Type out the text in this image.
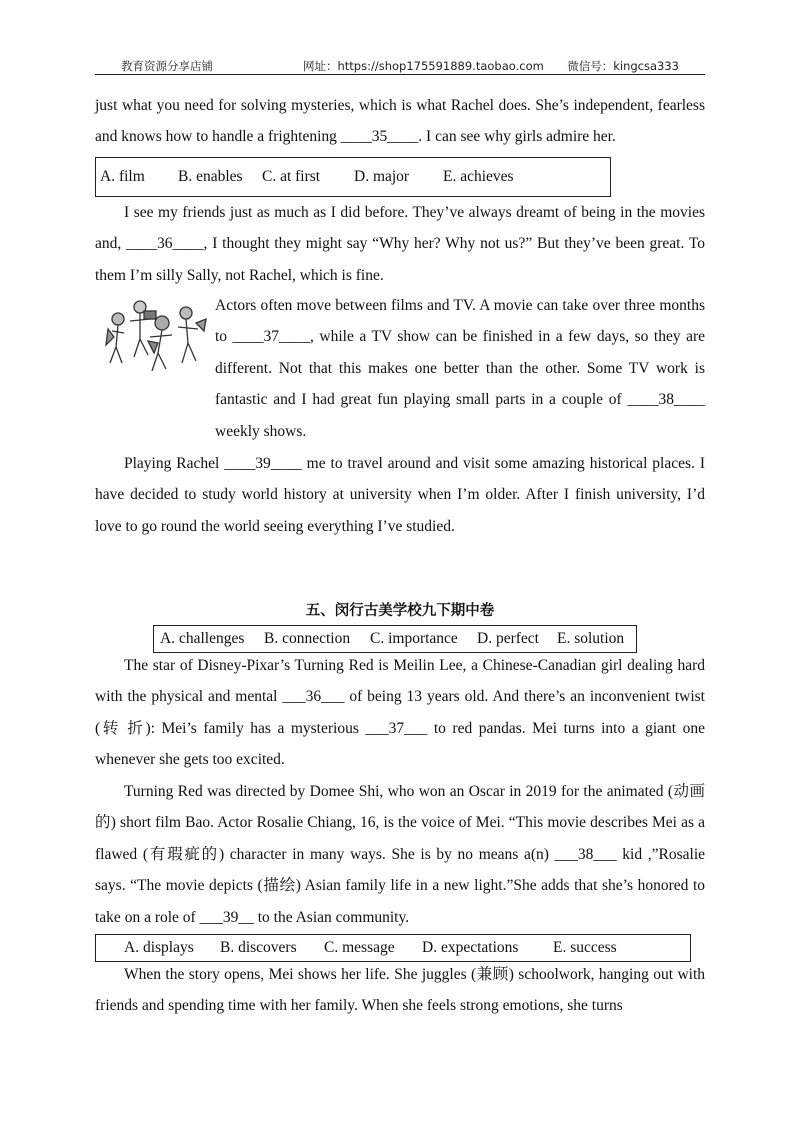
教育资源分享店铺	网址：https://shop175591889.taobao.com 微信号：kingcsa333

just what you need for solving mysteries, which is what Rachel does. She’s independent, fearless and knows how to handle a frightening ____35____. I can see why girls admire her.

A. film B. enables C. at first D. major E. achieves

I see my friends just as much as I did before. They’ve always dreamt of being in the movies and, ____36____, I thought they might say “Why her? Why not us?” But they’ve been great. To them I’m silly Sally, not Rachel, which is fine.

Actors often move between films and TV. A movie can take over three months to ____37____, while a TV show can be finished in a few days, so they are different. Not that this makes one better than the other. Some TV work is fantastic and I had great fun playing small parts in a couple of ____38____ weekly shows.

Playing Rachel ____39____ me to travel around and visit some amazing historical places. I have decided to study world history at university when I’m older. After I finish university, I’d love to go round the world seeing everything I’ve studied.

五、闵行古美学校九下期中卷
A. challenges B. connection C. importance D. perfect E. solution

The star of Disney-Pixar’s Turning Red is Meilin Lee, a Chinese-Canadian girl dealing hard with the physical and mental ___36___ of being 13 years old. And there’s an inconvenient twist (转 折): Mei’s family has a mysterious ___37___ to red pandas. Mei turns into a giant one whenever she gets too excited.

Turning Red was directed by Domee Shi, who won an Oscar in 2019 for the animated (动画的) short film Bao. Actor Rosalie Chiang, 16, is the voice of Mei. “This movie describes Mei as a flawed (有瑕疵的) character in many ways. She is by no means a(n) ___38___ kid ,”Rosalie says. “The movie depicts (描绘) Asian family life in a new light.”She adds that she’s honored to take on a role of ___39__ to the Asian community.

A. displays B. discovers C. message D. expectations E. success

When the story opens, Mei shows her life. She juggles (兼顾) schoolwork, hanging out with friends and spending time with her family. When she feels strong emotions, she turns
